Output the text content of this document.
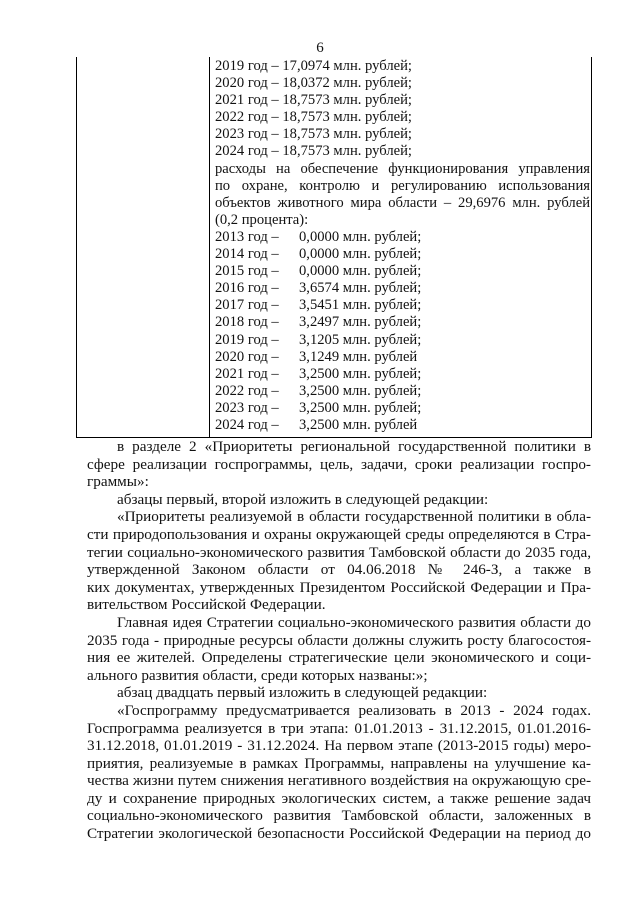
6
2019 год – 17,0974 млн. рублей;
2020 год – 18,0372 млн. рублей;
2021 год – 18,7573 млн. рублей;
2022 год – 18,7573 млн. рублей;
2023 год – 18,7573 млн. рублей;
2024 год – 18,7573 млн. рублей;
расходы на обеспечение функционирования управления
по охране, контролю и регулированию использования
объектов животного мира области – 29,6976 млн. рублей
(0,2 процента):
2013 год – 0,0000 млн. рублей;
2014 год – 0,0000 млн. рублей;
2015 год – 0,0000 млн. рублей;
2016 год – 3,6574 млн. рублей;
2017 год – 3,5451 млн. рублей;
2018 год – 3,2497 млн. рублей;
2019 год – 3,1205 млн. рублей;
2020 год – 3,1249 млн. рублей
2021 год – 3,2500 млн. рублей;
2022 год – 3,2500 млн. рублей;
2023 год – 3,2500 млн. рублей;
2024 год – 3,2500 млн. рублей
в разделе 2 «Приоритеты региональной государственной политики в
сфере реализации госпрограммы, цель, задачи, сроки реализации госпро-
граммы»:
абзацы первый, второй изложить в следующей редакции:
«Приоритеты реализуемой в области государственной политики в обла-
сти природопользования и охраны окружающей среды определяются в Стра-
тегии социально-экономического развития Тамбовской области до 2035 года,
утвержденной Законом области от 04.06.2018 № 246-З, а также в
ких документах, утвержденных Президентом Российской Федерации и Пра-
вительством Российской Федерации.
Главная идея Стратегии социально-экономического развития области до
2035 года - природные ресурсы области должны служить росту благосостоя-
ния ее жителей. Определены стратегические цели экономического и соци-
ального развития области, среди которых названы:»;
абзац двадцать первый изложить в следующей редакции:
«Госпрограмму предусматривается реализовать в 2013 - 2024 годах.
Госпрограмма реализуется в три этапа: 01.01.2013 - 31.12.2015, 01.01.2016-
31.12.2018, 01.01.2019 - 31.12.2024. На первом этапе (2013-2015 годы) меро-
приятия, реализуемые в рамках Программы, направлены на улучшение ка-
чества жизни путем снижения негативного воздействия на окружающую сре-
ду и сохранение природных экологических систем, а также решение задач
социально-экономического развития Тамбовской области, заложенных в
Стратегии экологической безопасности Российской Федерации на период до
